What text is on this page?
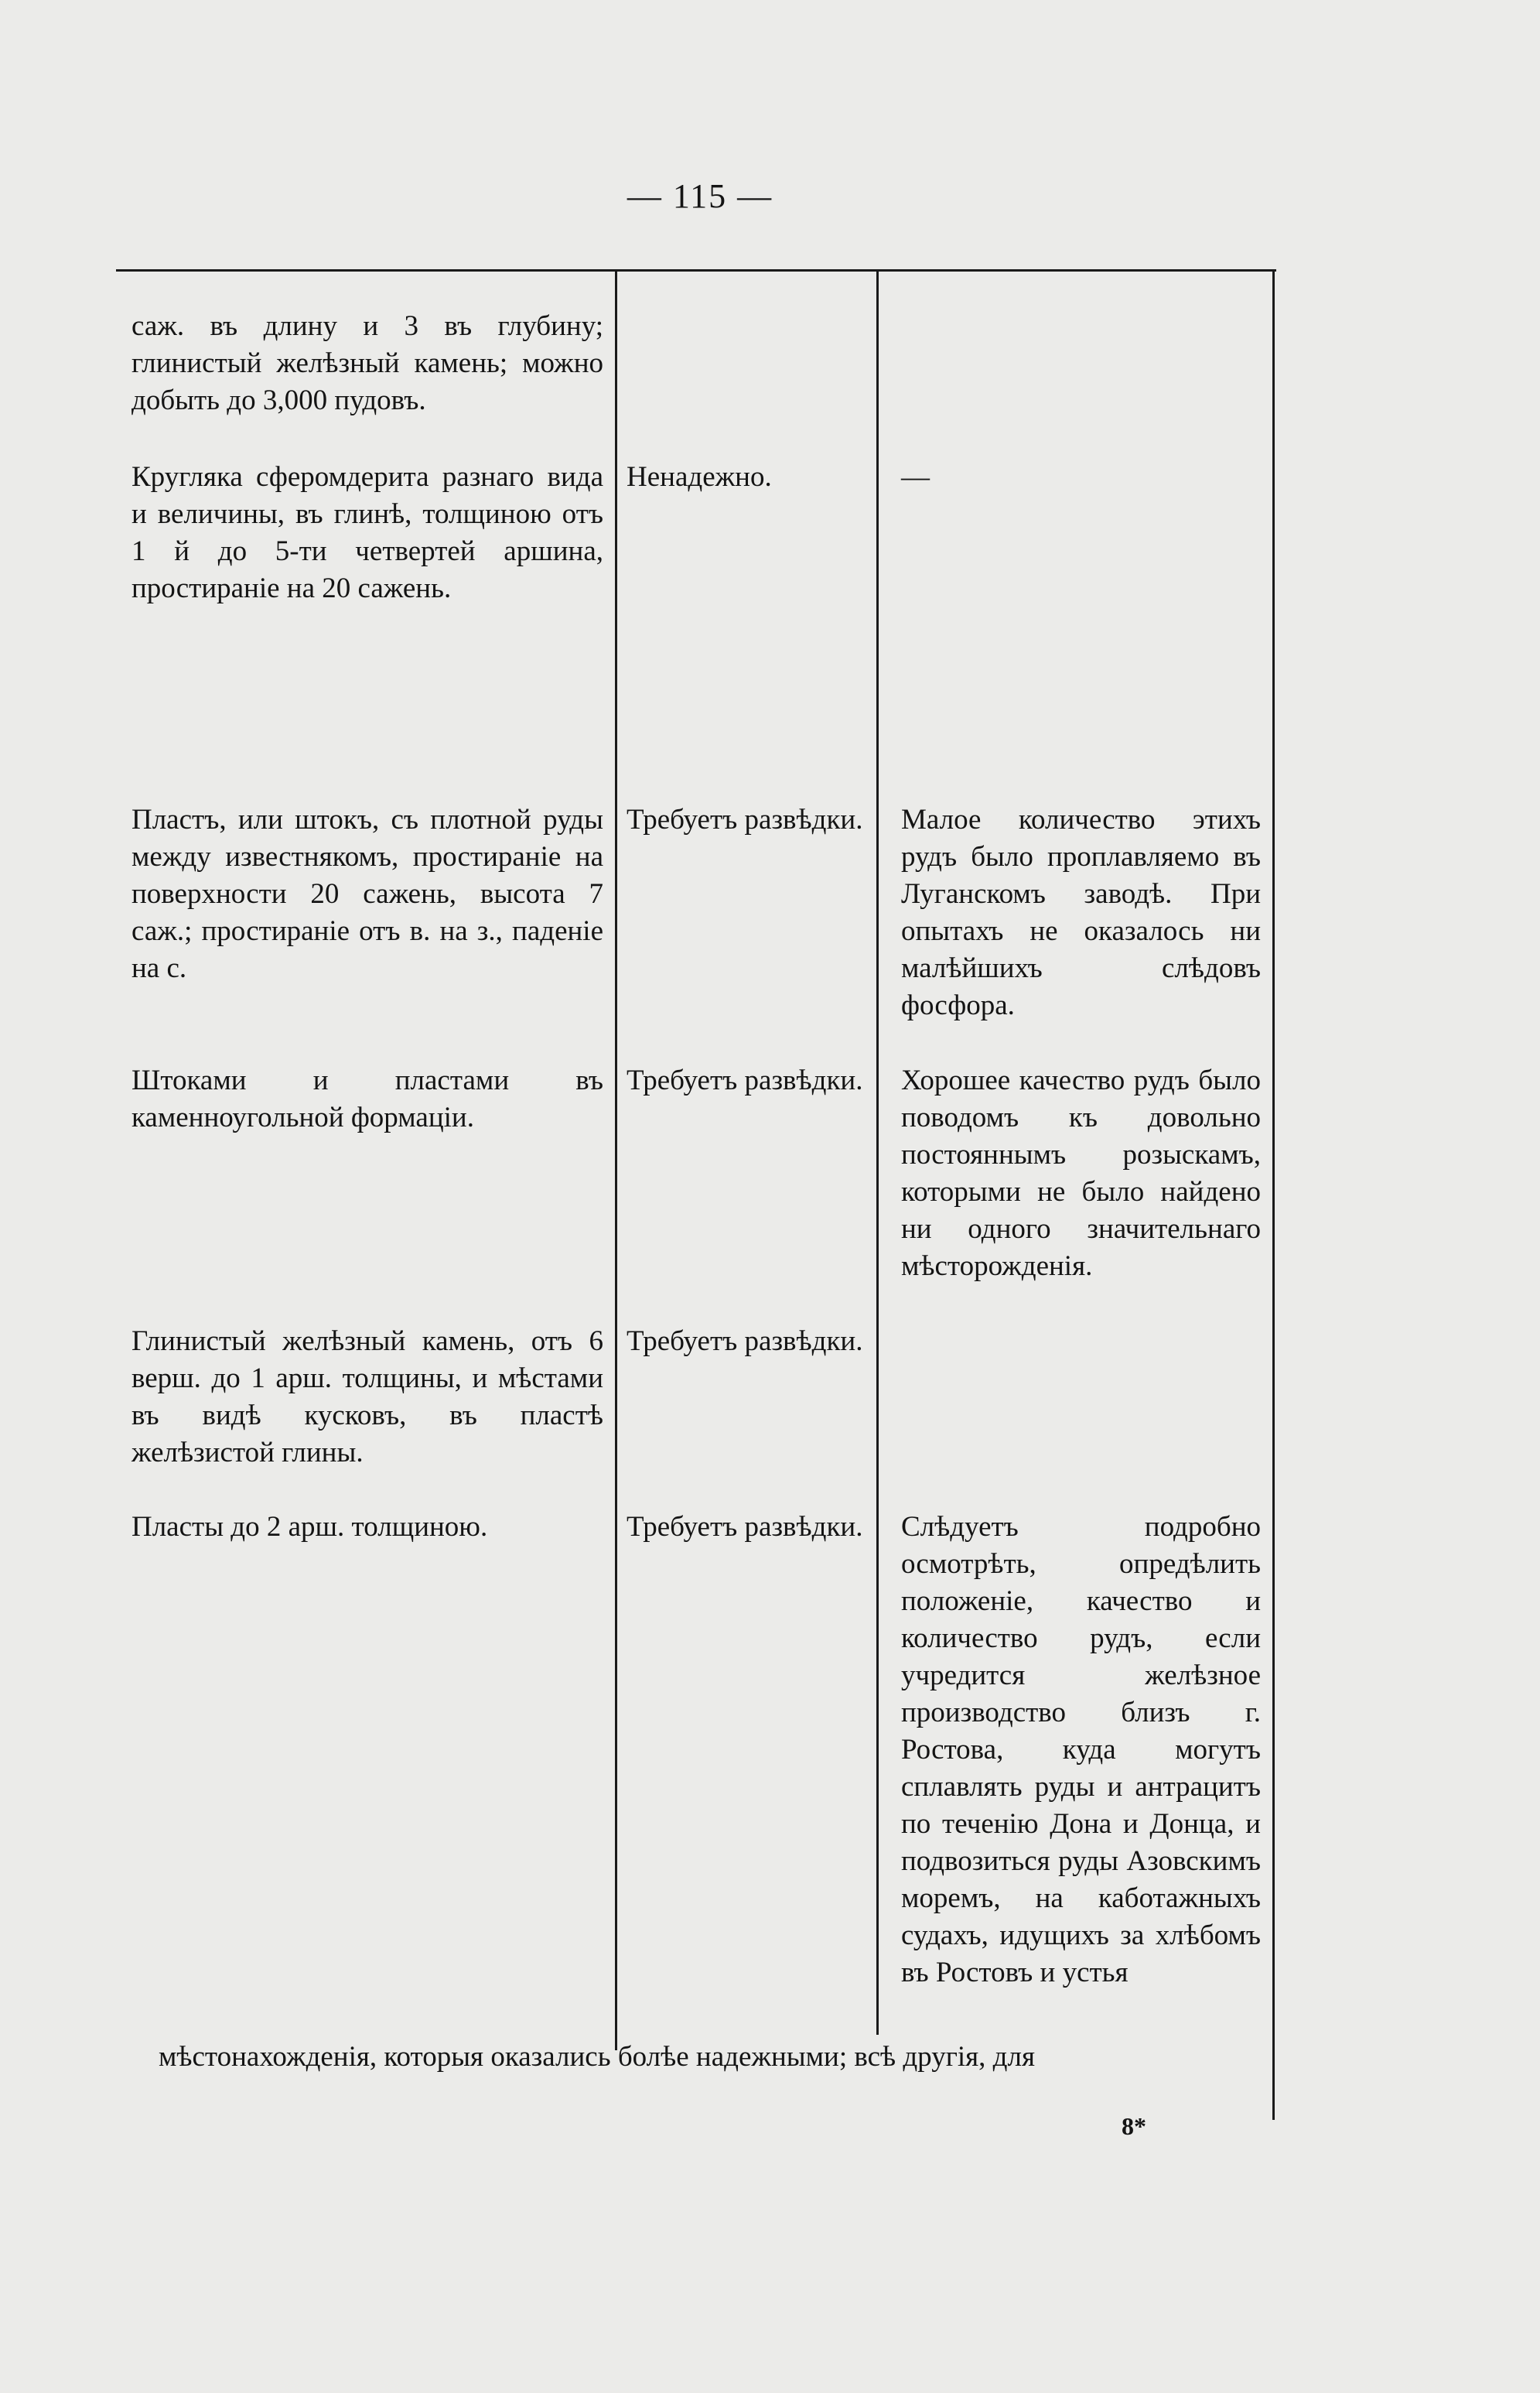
— 115 —

саж. въ длину и 3 въ глубину; глинистый желѣзный камень; можно добыть до 3,000 пудовъ.

Кругляка сферомдерита разнаго вида и величины, въ глинѣ, толщиною отъ 1 й до 5-ти четвертей аршина, простираніе на 20 сажень.

Ненадежно.	—

Пластъ, или штокъ, съ плотной руды между известнякомъ, простираніе на поверхности 20 сажень, высота 7 саж.; простираніе отъ в. на з., паденіе на с.

Требуетъ развѣдки. Малое количество этихъ рудъ было проплавляемо въ Луганскомъ заводѣ. При опытахъ не оказалось ни малѣйшихъ слѣдовъ фосфора.

Штоками и пластами въ каменноугольной формаціи.

Требуетъ развѣдки. Хорошее качество рудъ было поводомъ къ довольно постояннымъ розыскамъ, которыми не было найдено ни одного значительнаго мѣсторожденія.

Глинистый желѣзный камень, отъ 6 верш. до 1 арш. толщины, и мѣстами въ видѣ кусковъ, въ пластѣ желѣзистой глины.

Требуетъ развѣдки.

Пласты до 2 арш. толщиною.	Требуетъ развѣдки. Слѣдуетъ подробно осмотрѣть, опредѣлить положеніе, качество и количество рудъ, если учредится желѣзное производство близъ г. Ростова, куда могутъ сплавлять руды и антрацитъ по теченію Дона и Донца, и подвозиться руды Азовскимъ моремъ, на каботажныхъ судахъ, идущихъ за хлѣбомъ въ Ростовъ и устья

мѣстонахожденія, которыя оказались болѣе надежными; всѣ другія, для
8*
